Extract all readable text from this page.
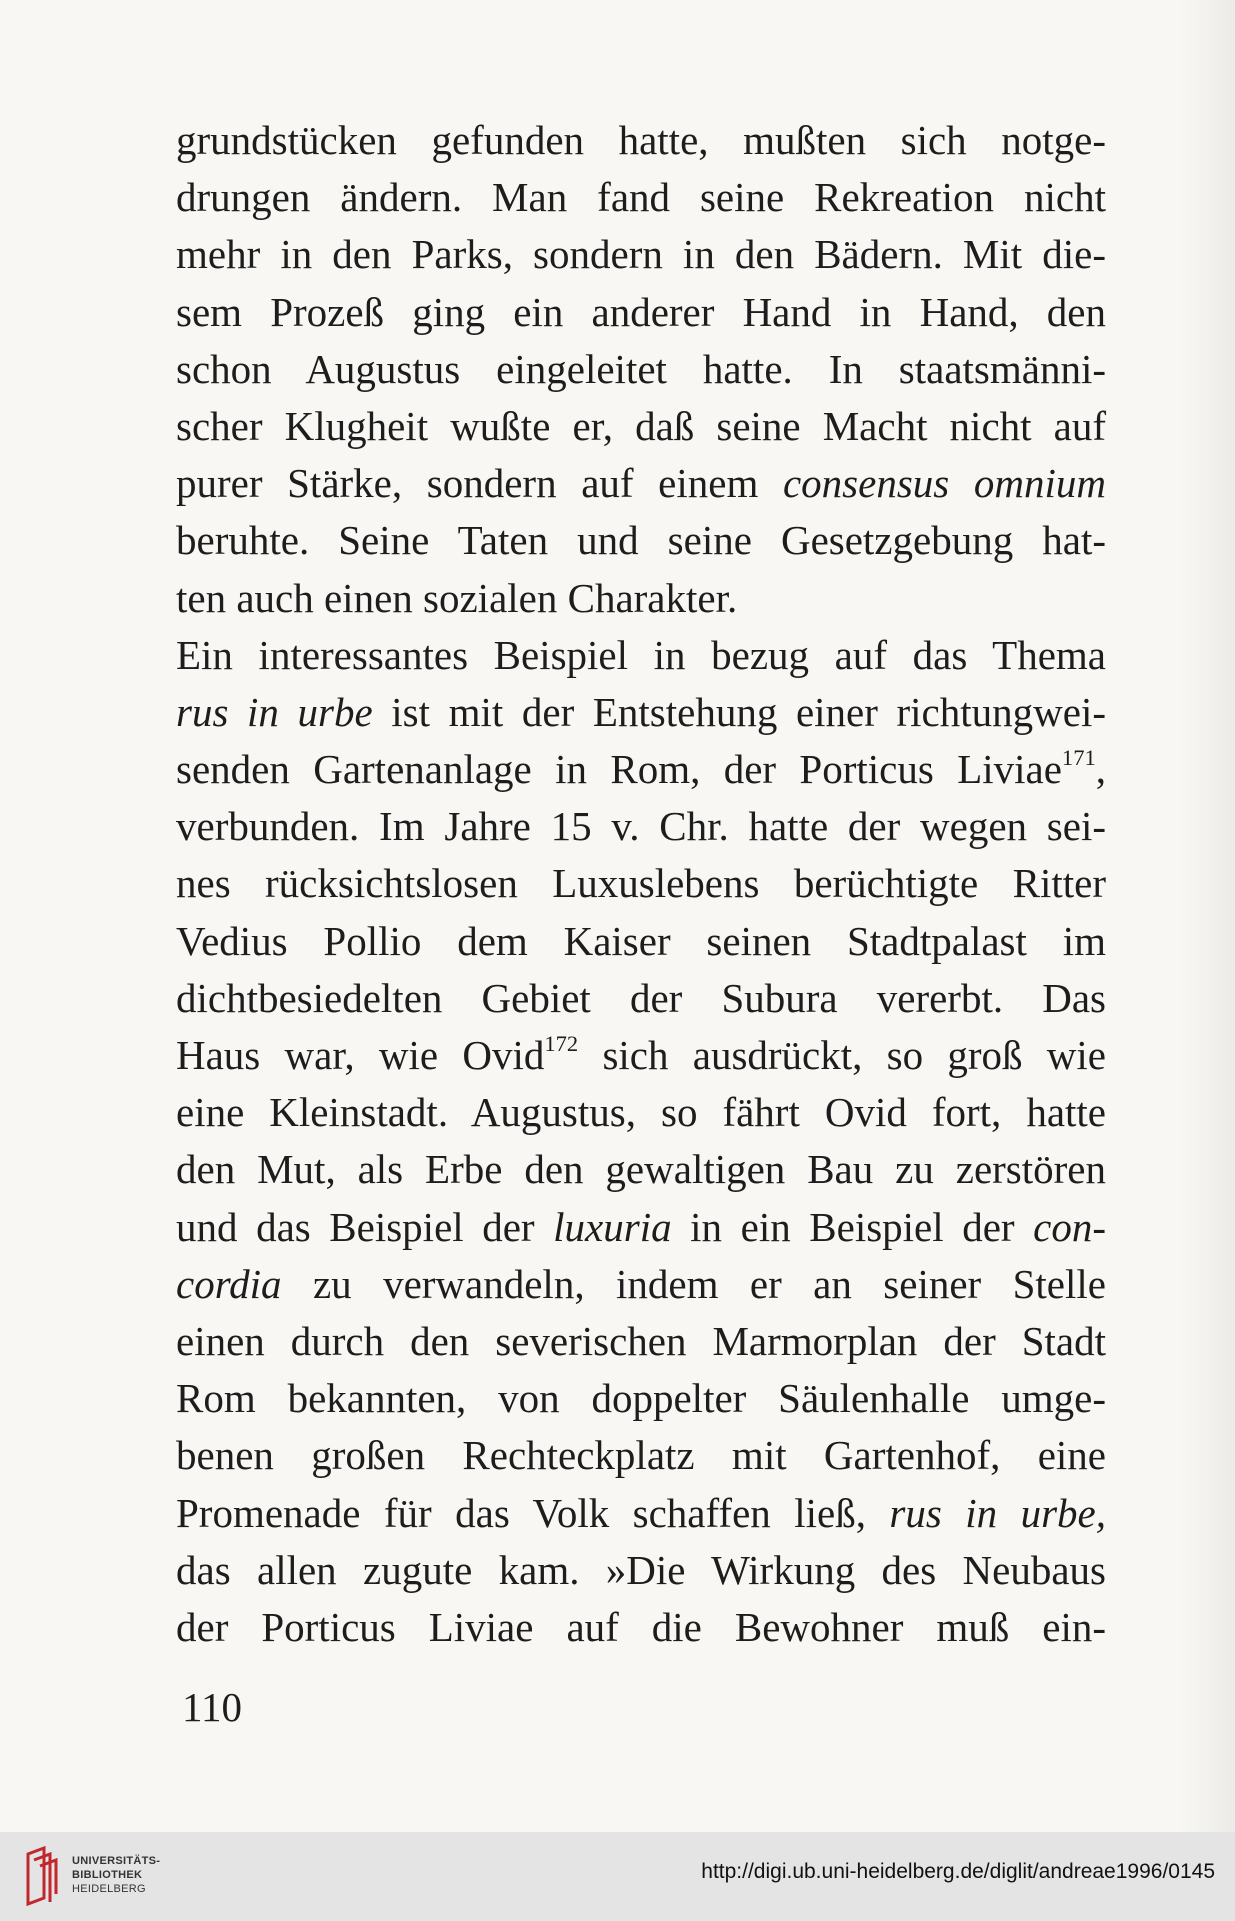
grundstücken gefunden hatte, mußten sich notge-
drungen ändern. Man fand seine Rekreation nicht
mehr in den Parks, sondern in den Bädern. Mit die-
sem Prozeß ging ein anderer Hand in Hand, den
schon Augustus eingeleitet hatte. In staatsmänni-
scher Klugheit wußte er, daß seine Macht nicht auf
purer Stärke, sondern auf einem consensus omnium
beruhte. Seine Taten und seine Gesetzgebung hat-
ten auch einen sozialen Charakter.
Ein interessantes Beispiel in bezug auf das Thema
rus in urbe ist mit der Entstehung einer richtungwei-
senden Gartenanlage in Rom, der Porticus Liviae$^{171}$,
verbunden. Im Jahre 15 v. Chr. hatte der wegen sei-
nes rücksichtslosen Luxuslebens berüchtigte Ritter
Vedius Pollio dem Kaiser seinen Stadtpalast im
dichtbesiedelten Gebiet der Subura vererbt. Das
Haus war, wie Ovid$^{172}$ sich ausdrückt, so groß wie
eine Kleinstadt. Augustus, so fährt Ovid fort, hatte
den Mut, als Erbe den gewaltigen Bau zu zerstören
und das Beispiel der luxuria in ein Beispiel der con-
cordia zu verwandeln, indem er an seiner Stelle
einen durch den severischen Marmorplan der Stadt
Rom bekannten, von doppelter Säulenhalle umge-
benen großen Rechteckplatz mit Gartenhof, eine
Promenade für das Volk schaffen ließ, rus in urbe,
das allen zugute kam. »Die Wirkung des Neubaus
der Porticus Liviae auf die Bewohner muß ein-
110
UNIVERSITÄTS-
BIBLIOTHEK
HEIDELBERG
http://digi.ub.uni-heidelberg.de/diglit/andreae1996/0145
